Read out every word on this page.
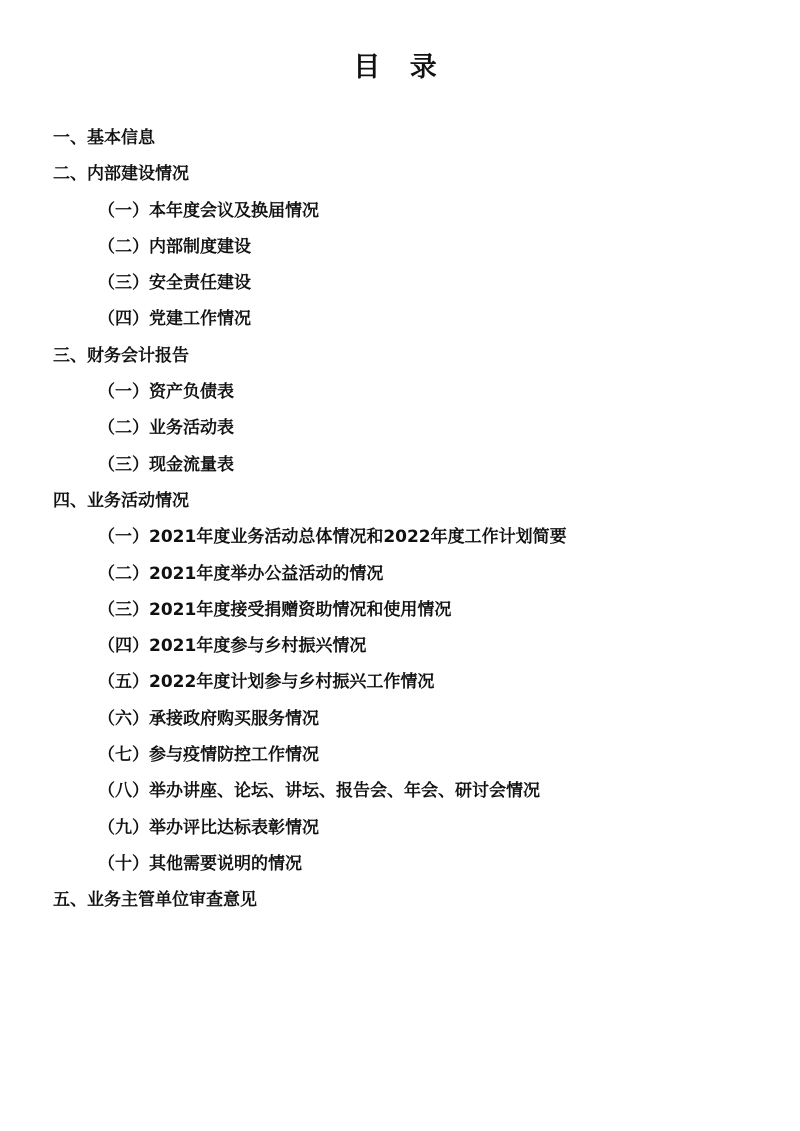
目 录
一、基本信息
二、内部建设情况
（一）本年度会议及换届情况
（二）内部制度建设
（三）安全责任建设
（四）党建工作情况
三、财务会计报告
（一）资产负债表
（二）业务活动表
（三）现金流量表
四、业务活动情况
（一）2021年度业务活动总体情况和2022年度工作计划简要
（二）2021年度举办公益活动的情况
（三）2021年度接受捐赠资助情况和使用情况
（四）2021年度参与乡村振兴情况
（五）2022年度计划参与乡村振兴工作情况
（六）承接政府购买服务情况
（七）参与疫情防控工作情况
（八）举办讲座、论坛、讲坛、报告会、年会、研讨会情况
（九）举办评比达标表彰情况
（十）其他需要说明的情况
五、业务主管单位审查意见
